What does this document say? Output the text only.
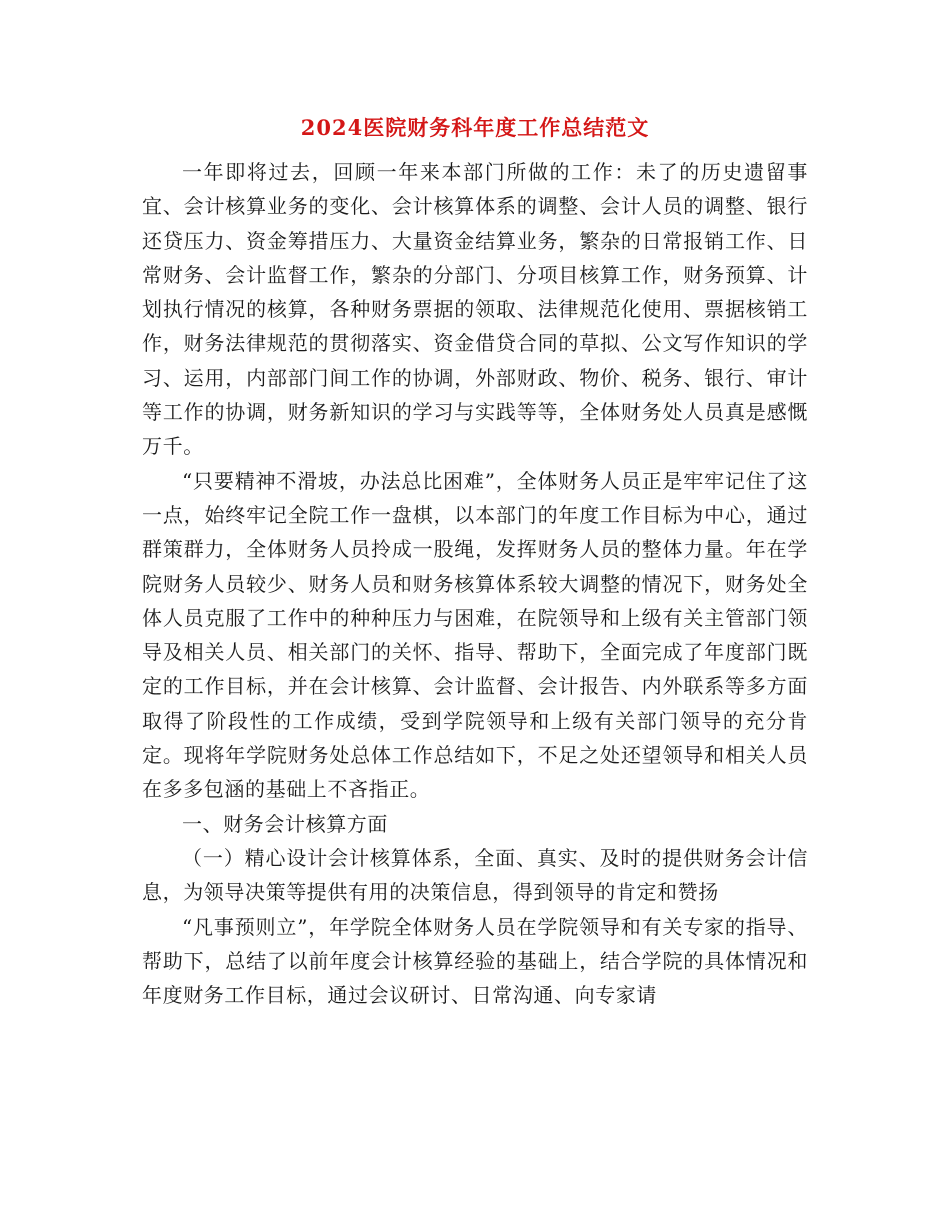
2024医院财务科年度工作总结范文

一年即将过去，回顾一年来本部门所做的工作：未了的历史遗留事宜、会计核算业务的变化、会计核算体系的调整、会计人员的调整、银行还贷压力、资金筹措压力、大量资金结算业务，繁杂的日常报销工作、日常财务、会计监督工作，繁杂的分部门、分项目核算工作，财务预算、计划执行情况的核算，各种财务票据的领取、法律规范化使用、票据核销工作，财务法律规范的贯彻落实、资金借贷合同的草拟、公文写作知识的学习、运用，内部部门间工作的协调，外部财政、物价、税务、银行、审计等工作的协调，财务新知识的学习与实践等等，全体财务处人员真是感慨万千。

“只要精神不滑坡，办法总比困难”，全体财务人员正是牢牢记住了这一点，始终牢记全院工作一盘棋，以本部门的年度工作目标为中心，通过群策群力，全体财务人员拎成一股绳，发挥财务人员的整体力量。年在学院财务人员较少、财务人员和财务核算体系较大调整的情况下，财务处全体人员克服了工作中的种种压力与困难，在院领导和上级有关主管部门领导及相关人员、相关部门的关怀、指导、帮助下，全面完成了年度部门既定的工作目标，并在会计核算、会计监督、会计报告、内外联系等多方面取得了阶段性的工作成绩，受到学院领导和上级有关部门领导的充分肯定。现将年学院财务处总体工作总结如下，不足之处还望领导和相关人员在多多包涵的基础上不吝指正。

一、财务会计核算方面

（一）精心设计会计核算体系，全面、真实、及时的提供财务会计信息，为领导决策等提供有用的决策信息，得到领导的肯定和赞扬

“凡事预则立”，年学院全体财务人员在学院领导和有关专家的指导、帮助下，总结了以前年度会计核算经验的基础上，结合学院的具体情况和年度财务工作目标，通过会议研讨、日常沟通、向专家请
